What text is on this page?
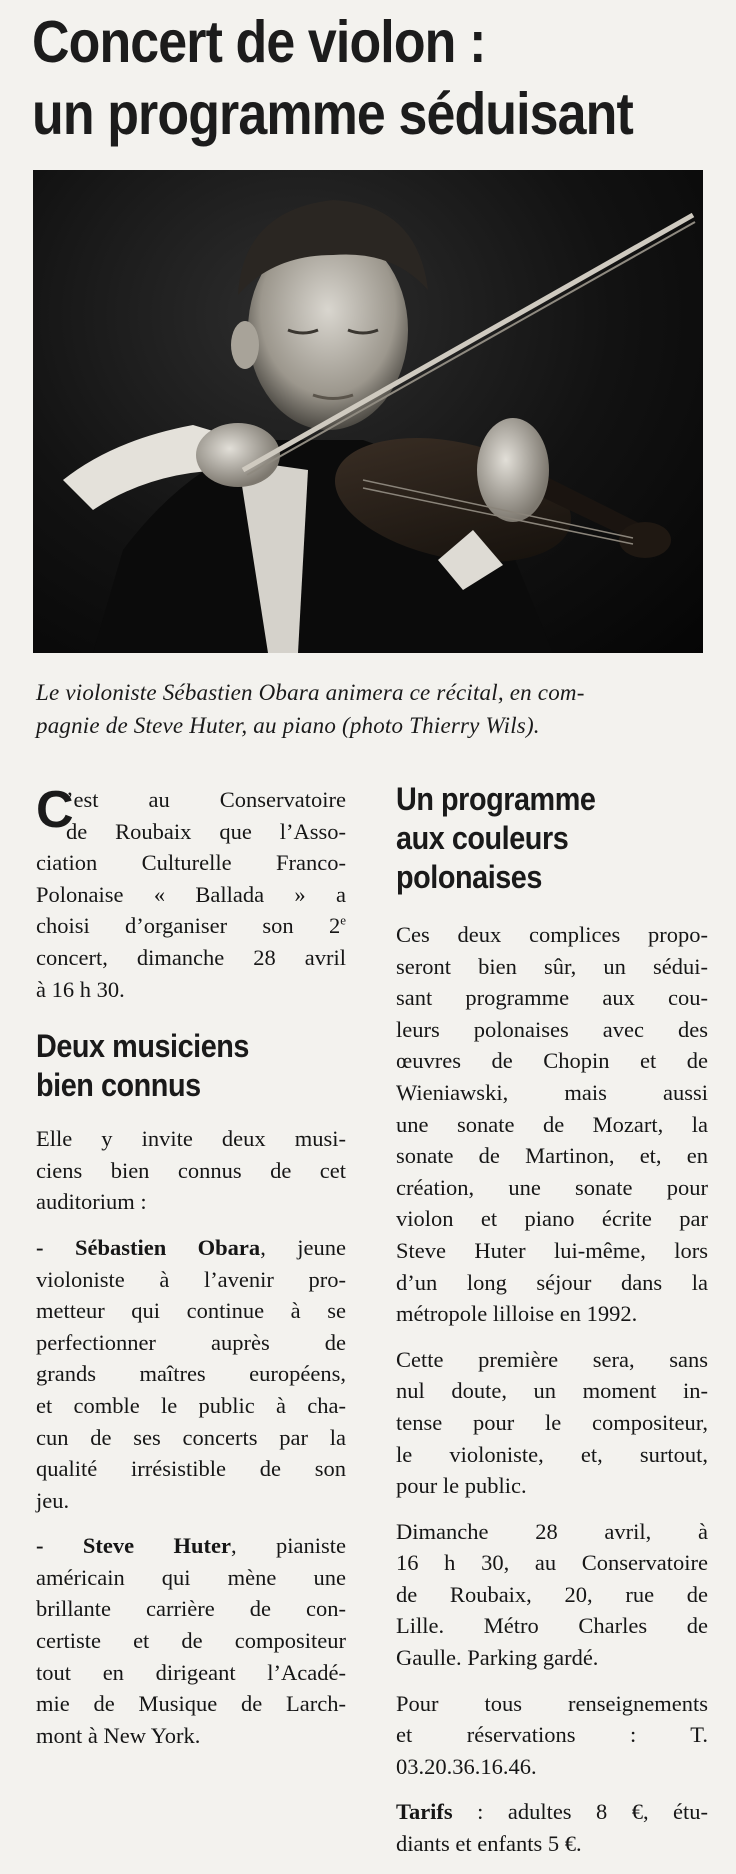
Concert de violon :
un programme séduisant
Le violoniste Sébastien Obara animera ce récital, en com-
pagnie de Steve Huter, au piano (photo Thierry Wils).
C
’est au Conservatoire
de Roubaix que l’Asso-
ciation Culturelle Franco-
Polonaise « Ballada » a
choisi d’organiser son 2e
concert, dimanche 28 avril
à 16 h 30.
Deux musiciens
bien connus
Elle y invite deux musi-
ciens bien connus de cet
auditorium :
- Sébastien Obara, jeune
violoniste à l’avenir pro-
metteur qui continue à se
perfectionner auprès de
grands maîtres européens,
et comble le public à cha-
cun de ses concerts par la
qualité irrésistible de son
jeu.
- Steve Huter, pianiste
américain qui mène une
brillante carrière de con-
certiste et de compositeur
tout en dirigeant l’Acadé-
mie de Musique de Larch-
mont à New York.
Un programme
aux couleurs
polonaises
Ces deux complices propo-
seront bien sûr, un sédui-
sant programme aux cou-
leurs polonaises avec des
œuvres de Chopin et de
Wieniawski, mais aussi
une sonate de Mozart, la
sonate de Martinon, et, en
création, une sonate pour
violon et piano écrite par
Steve Huter lui-même, lors
d’un long séjour dans la
métropole lilloise en 1992.
Cette première sera, sans
nul doute, un moment in-
tense pour le compositeur,
le violoniste, et, surtout,
pour le public.
Dimanche 28 avril, à
16 h 30, au Conservatoire
de Roubaix, 20, rue de
Lille. Métro Charles de
Gaulle. Parking gardé.
Pour tous renseignements
et réservations : T.
03.20.36.16.46.
Tarifs : adultes 8 €, étu-
diants et enfants 5 €.
